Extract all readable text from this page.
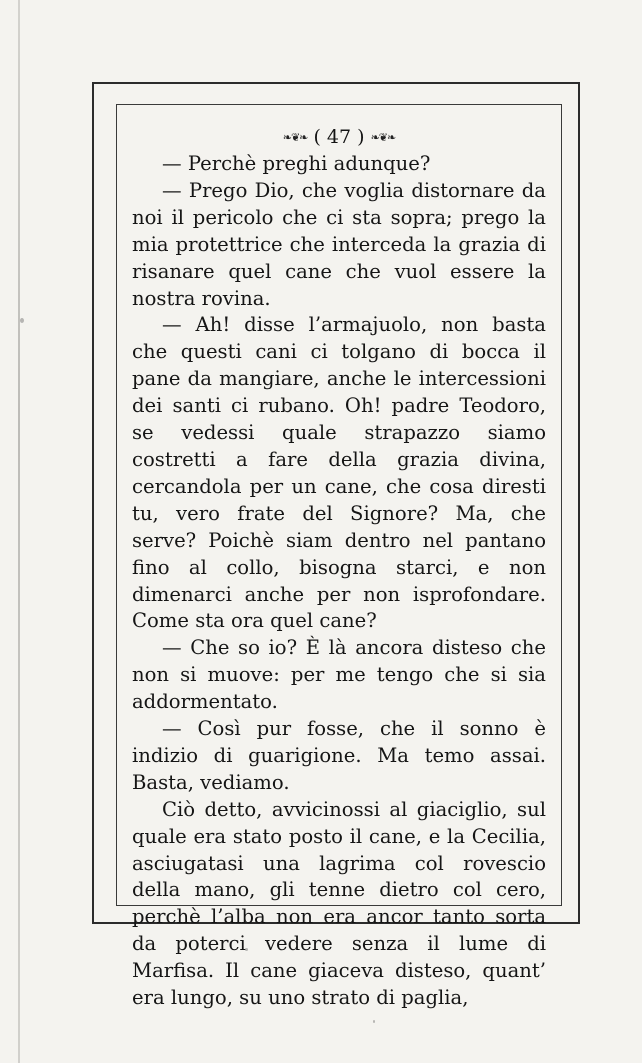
❧❦❧ ( 47 ) ❧❦❧

— Perchè preghi adunque?

— Prego Dio, che voglia distornare da noi il pericolo che ci sta sopra; prego la mia protettrice che interceda la grazia di risanare quel cane che vuol essere la nostra rovina.

— Ah! disse l’armajuolo, non basta che questi cani ci tolgano di bocca il pane da mangiare, anche le intercessioni dei santi ci rubano. Oh! padre Teodoro, se vedessi quale strapazzo siamo costretti a fare della grazia divina, cercandola per un cane, che cosa diresti tu, vero frate del Signore? Ma, che serve? Poichè siam dentro nel pantano fino al collo, bisogna starci, e non dimenarci anche per non isprofondare. Come sta ora quel cane?

— Che so io? È là ancora disteso che non si muove: per me tengo che si sia addormentato.

— Così pur fosse, che il sonno è indizio di guarigione. Ma temo assai. Basta, vediamo.

Ciò detto, avvicinossi al giaciglio, sul quale era stato posto il cane, e la Cecilia, asciugatasi una lagrima col rovescio della mano, gli tenne dietro col cero, perchè l’alba non era ancor tanto sorta da poterci vedere senza il lume di Marfisa. Il cane giaceva disteso, quant’ era lungo, su uno strato di paglia,
